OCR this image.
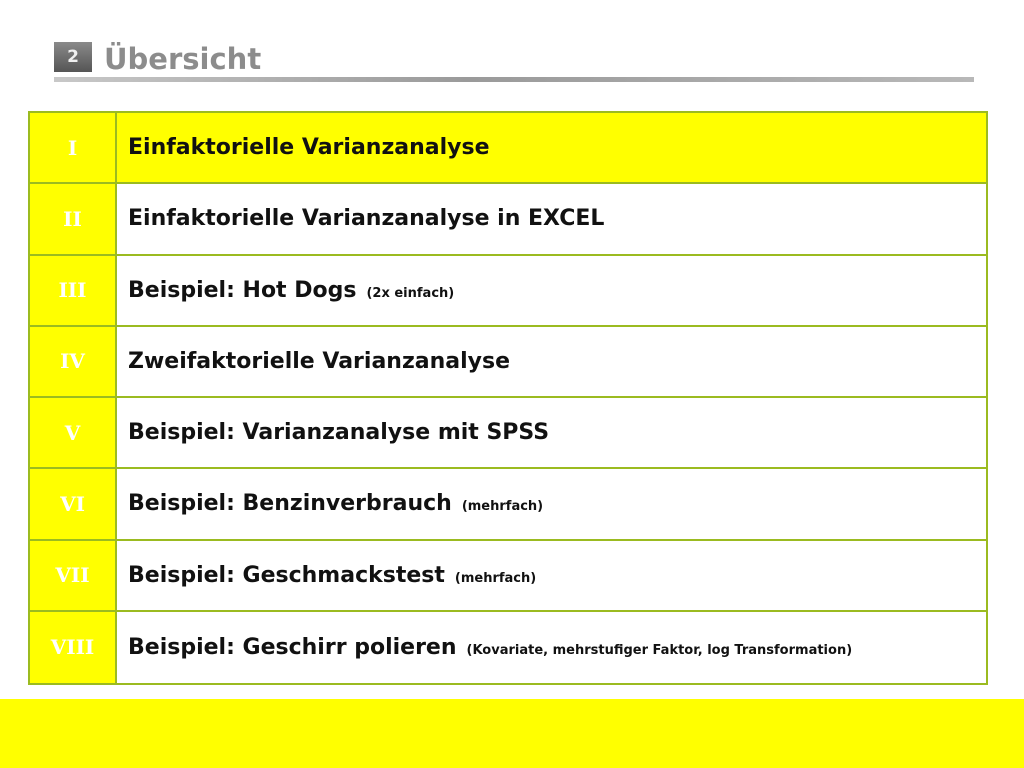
2 Übersicht
I	Einfaktorielle Varianzanalyse
II	Einfaktorielle Varianzanalyse in EXCEL
III	Beispiel: Hot Dogs (2x einfach)
IV	Zweifaktorielle Varianzanalyse
V	Beispiel: Varianzanalyse mit SPSS
VI	Beispiel: Benzinverbrauch (mehrfach)
VII	Beispiel: Geschmackstest (mehrfach)
VIII	Beispiel: Geschirr polieren (Kovariate, mehrstufiger Faktor, log Transformation)
